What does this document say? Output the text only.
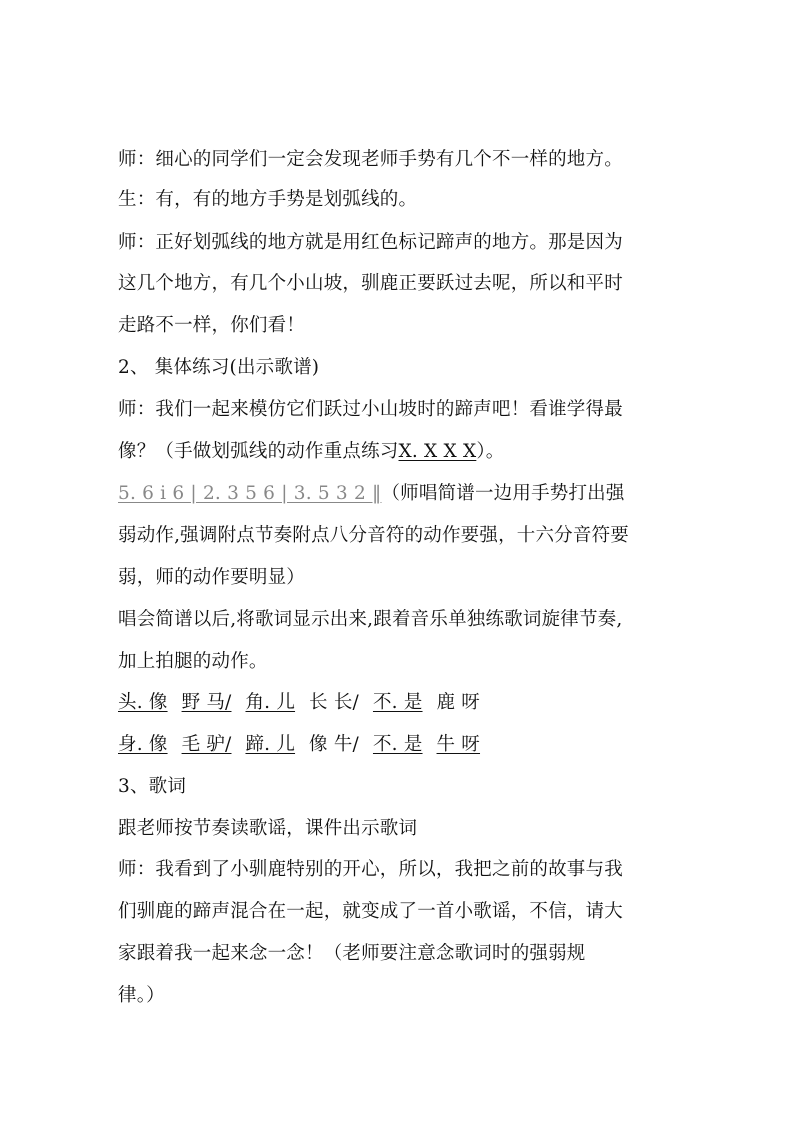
师：细心的同学们一定会发现老师手势有几个不一样的地方。
生：有，有的地方手势是划弧线的。
师：正好划弧线的地方就是用红色标记蹄声的地方。那是因为
这几个地方，有几个小山坡，驯鹿正要跃过去呢，所以和平时
走路不一样，你们看！
2、 集体练习(出示歌谱)
师：我们一起来模仿它们跃过小山坡时的蹄声吧！看谁学得最
像？（手做划弧线的动作重点练习X. X X X）。
5. 6 i 6 | 2. 3 5 6 | 3. 5 3 2 ‖（师唱简谱一边用手势打出强
弱动作,强调附点节奏附点八分音符的动作要强，十六分音符要
弱，师的动作要明显）
唱会简谱以后,将歌词显示出来,跟着音乐单独练歌词旋律节奏,
加上拍腿的动作。
头. 像 野 马/ 角. 儿 长 长/ 不. 是 鹿 呀
身. 像 毛 驴/ 蹄. 儿 像 牛/ 不. 是 牛 呀
3、歌词
跟老师按节奏读歌谣，课件出示歌词
师：我看到了小驯鹿特别的开心，所以，我把之前的故事与我
们驯鹿的蹄声混合在一起，就变成了一首小歌谣，不信，请大
家跟着我一起来念一念！（老师要注意念歌词时的强弱规
律。）
